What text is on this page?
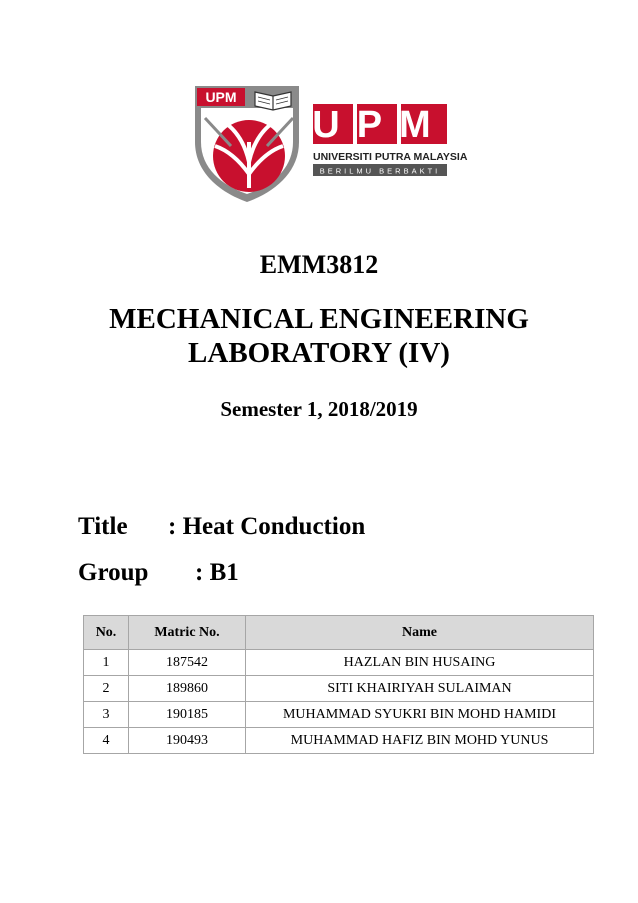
UPM
UPM
UNIVERSITI PUTRA MALAYSIA
BERILMU BERBAKTI
EMM3812
MECHANICAL ENGINEERING LABORATORY (IV)
Semester 1, 2018/2019
Title : Heat Conduction
Group : B1
No.	Matric No.	Name
1	187542	HAZLAN BIN HUSAING
2	189860	SITI KHAIRIYAH SULAIMAN
3	190185	MUHAMMAD SYUKRI BIN MOHD HAMIDI
4	190493	MUHAMMAD HAFIZ BIN MOHD YUNUS
